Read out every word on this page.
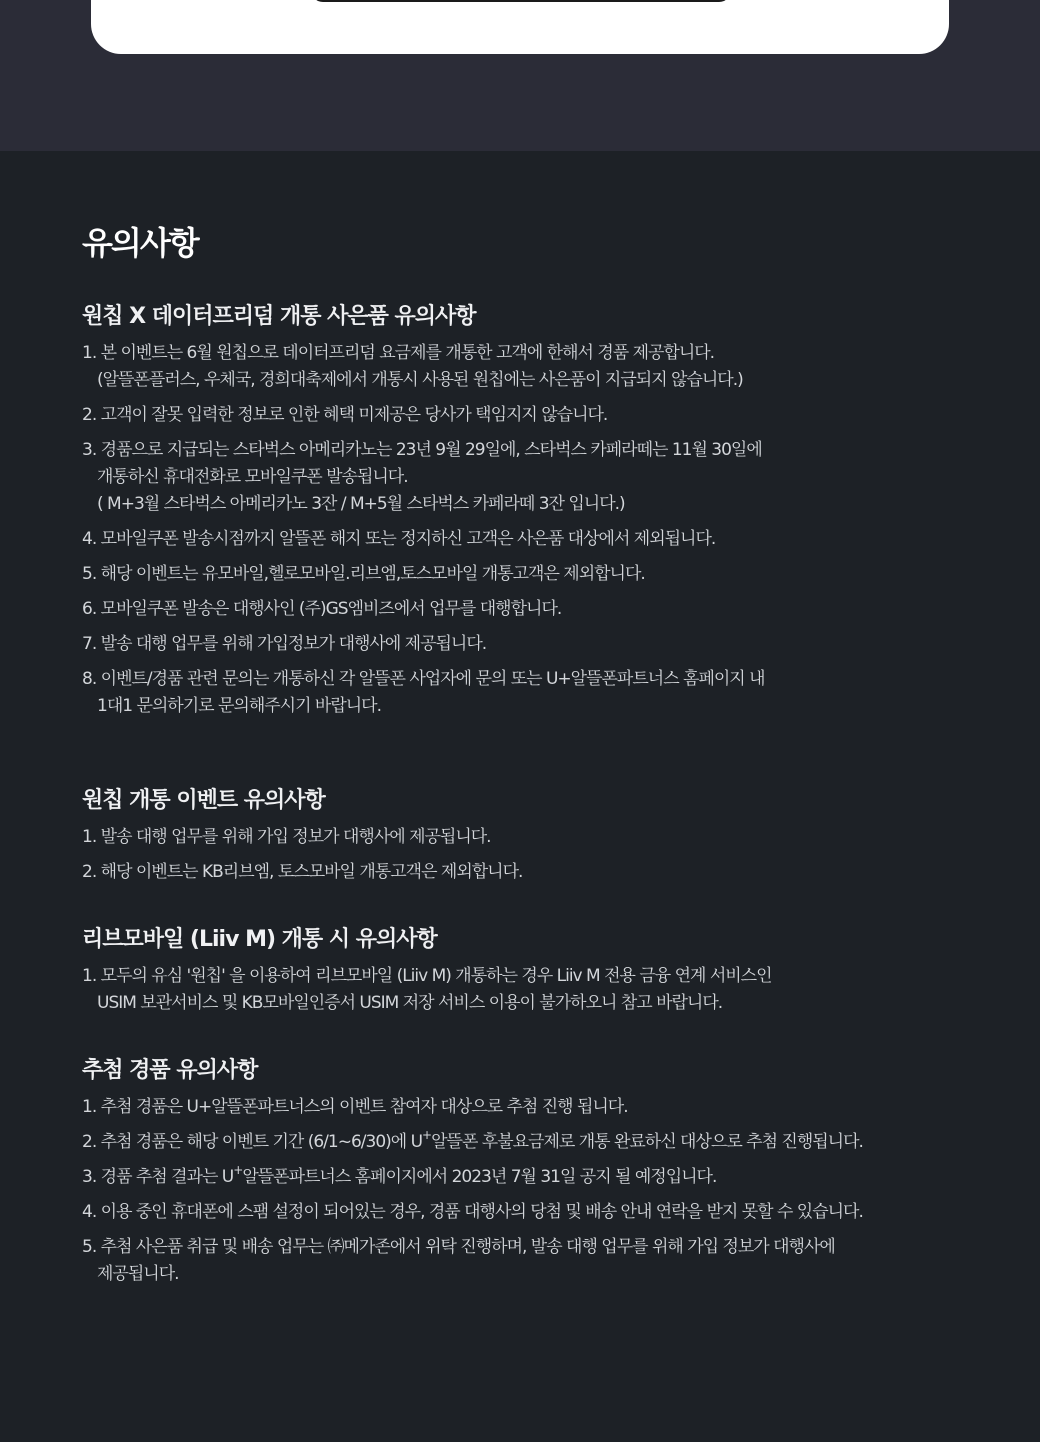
유의사항
원칩 X 데이터프리덤 개통 사은품 유의사항
1. 본 이벤트는 6월 원칩으로 데이터프리덤 요금제를 개통한 고객에 한해서 경품 제공합니다.
(알뜰폰플러스, 우체국, 경희대축제에서 개통시 사용된 원칩에는 사은품이 지급되지 않습니다.)
2. 고객이 잘못 입력한 정보로 인한 혜택 미제공은 당사가 택임지지 않습니다.
3. 경품으로 지급되는 스타벅스 아메리카노는 23년 9월 29일에, 스타벅스 카페라떼는 11월 30일에
개통하신 휴대전화로 모바일쿠폰 발송됩니다.
( M+3월 스타벅스 아메리카노 3잔 / M+5월 스타벅스 카페라떼 3잔 입니다.)
4. 모바일쿠폰 발송시점까지 알뜰폰 해지 또는 정지하신 고객은 사은품 대상에서 제외됩니다.
5. 해당 이벤트는 유모바일,헬로모바일.리브엠,토스모바일 개통고객은 제외합니다.
6. 모바일쿠폰 발송은 대행사인 (주)GS엠비즈에서 업무를 대행합니다.
7. 발송 대행 업무를 위해 가입정보가 대행사에 제공됩니다.
8. 이벤트/경품 관련 문의는 개통하신 각 알뜰폰 사업자에 문의 또는 U+알뜰폰파트너스 홈페이지 내
1대1 문의하기로 문의해주시기 바랍니다.
원칩 개통 이벤트 유의사항
1. 발송 대행 업무를 위해 가입 정보가 대행사에 제공됩니다.
2. 해당 이벤트는 KB리브엠, 토스모바일 개통고객은 제외합니다.
리브모바일 (Liiv M) 개통 시 유의사항
1. 모두의 유심 '원칩' 을 이용하여 리브모바일 (Liiv M) 개통하는 경우 Liiv M 전용 금융 연계 서비스인
USIM 보관서비스 및 KB모바일인증서 USIM 저장 서비스 이용이 불가하오니 참고 바랍니다.
추첨 경품 유의사항
1. 추첨 경품은 U+알뜰폰파트너스의 이벤트 참여자 대상으로 추첨 진행 됩니다.
2. 추첨 경품은 해당 이벤트 기간 (6/1~6/30)에 U+알뜰폰 후불요금제로 개통 완료하신 대상으로 추첨 진행됩니다.
3. 경품 추첨 결과는 U+알뜰폰파트너스 홈페이지에서 2023년 7월 31일 공지 될 예정입니다.
4. 이용 중인 휴대폰에 스팸 설정이 되어있는 경우, 경품 대행사의 당첨 및 배송 안내 연락을 받지 못할 수 있습니다.
5. 추첨 사은품 취급 및 배송 업무는 ㈜메가존에서 위탁 진행하며, 발송 대행 업무를 위해 가입 정보가 대행사에
제공됩니다.
